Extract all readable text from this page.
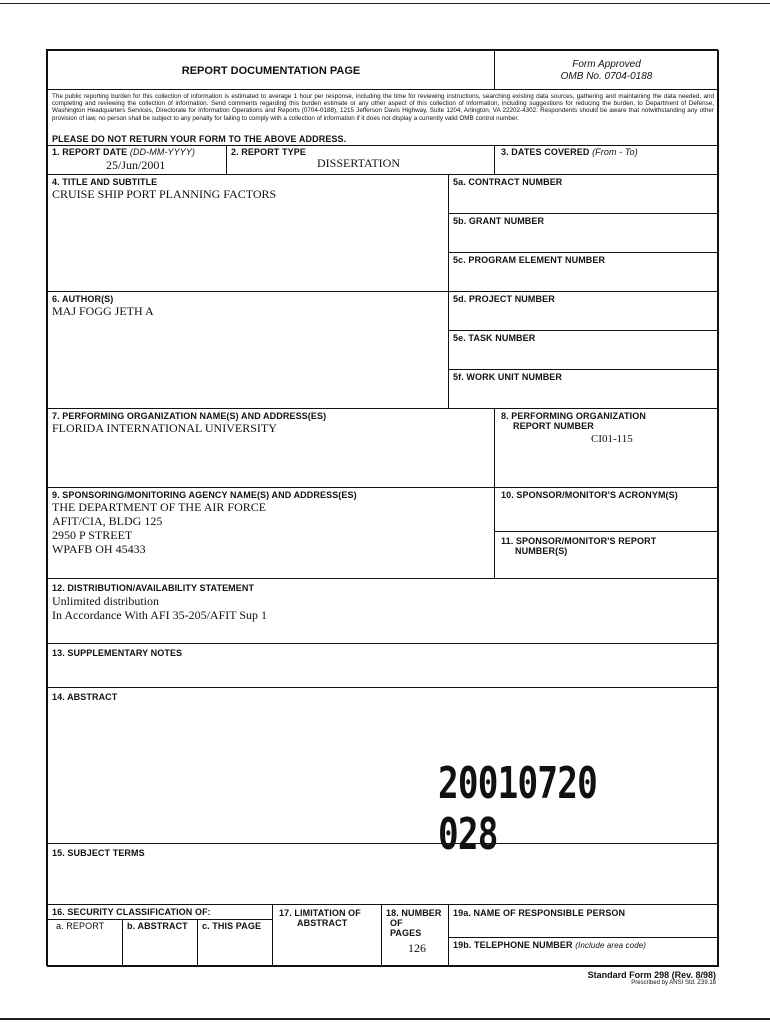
REPORT DOCUMENTATION PAGE
Form Approved
OMB No. 0704-0188
The public reporting burden for this collection of information is estimated to average 1 hour per response, including the time for reviewing instructions, searching existing data sources, gathering and maintaining the data needed, and completing and reviewing the collection of information. Send comments regarding this burden estimate or any other aspect of this collection of information, including suggestions for reducing the burden, to Department of Defense, Washington Headquarters Services, Directorate for Information Operations and Reports (0704-0188), 1215 Jefferson Davis Highway, Suite 1204, Arlington, VA 22202-4302. Respondents should be aware that notwithstanding any other provision of law, no person shall be subject to any penalty for failing to comply with a collection of information if it does not display a currently valid OMB control number.
PLEASE DO NOT RETURN YOUR FORM TO THE ABOVE ADDRESS.
1. REPORT DATE (DD-MM-YYYY)
25/Jun/2001
2. REPORT TYPE
DISSERTATION
3. DATES COVERED (From - To)
4. TITLE AND SUBTITLE
CRUISE SHIP PORT PLANNING FACTORS
5a. CONTRACT NUMBER
5b. GRANT NUMBER
5c. PROGRAM ELEMENT NUMBER
6. AUTHOR(S)
MAJ FOGG JETH A
5d. PROJECT NUMBER
5e. TASK NUMBER
5f. WORK UNIT NUMBER
7. PERFORMING ORGANIZATION NAME(S) AND ADDRESS(ES)
FLORIDA INTERNATIONAL UNIVERSITY
8. PERFORMING ORGANIZATION
REPORT NUMBER
CI01-115
9. SPONSORING/MONITORING AGENCY NAME(S) AND ADDRESS(ES)
THE DEPARTMENT OF THE AIR FORCE
AFIT/CIA, BLDG 125
2950 P STREET
WPAFB OH 45433
10. SPONSOR/MONITOR'S ACRONYM(S)
11. SPONSOR/MONITOR'S REPORT
NUMBER(S)
12. DISTRIBUTION/AVAILABILITY STATEMENT
Unlimited distribution
In Accordance With AFI 35-205/AFIT Sup 1
13. SUPPLEMENTARY NOTES
14. ABSTRACT
20010720 028
15. SUBJECT TERMS
16. SECURITY CLASSIFICATION OF:
a. REPORT	b. ABSTRACT c. THIS PAGE
17. LIMITATION OF
ABSTRACT
18. NUMBER
OF
PAGES
126
19a. NAME OF RESPONSIBLE PERSON
19b. TELEPHONE NUMBER (Include area code)
Standard Form 298 (Rev. 8/98)
Prescribed by ANSI Std. Z39.18
